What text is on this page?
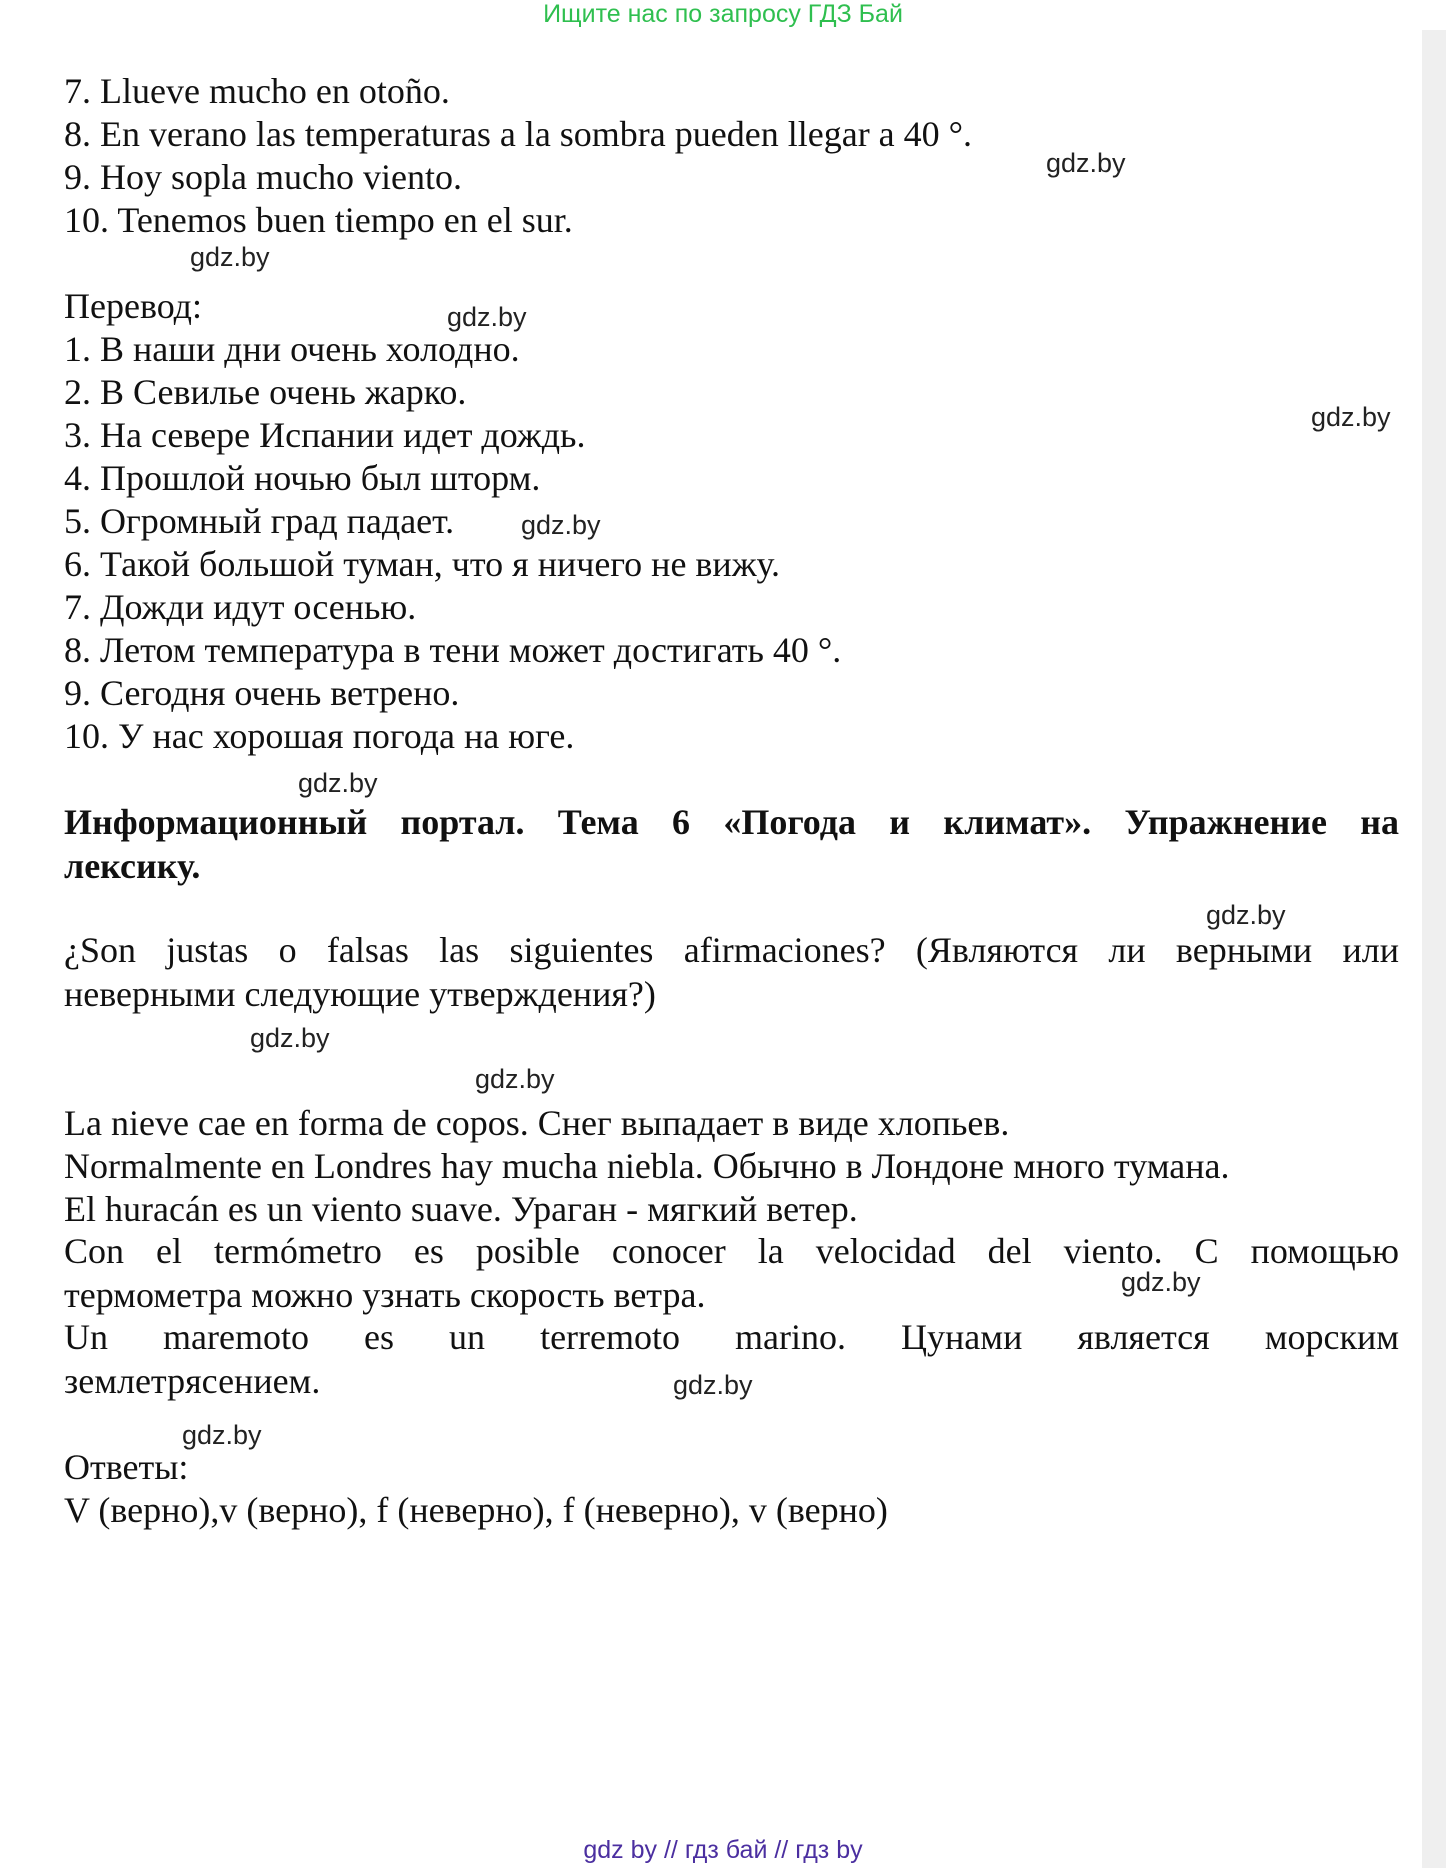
Ищите нас по запросу ГДЗ Бай
7. Llueve mucho en otoño.
8. En verano las temperaturas a la sombra pueden llegar a 40 °.
9. Hoy sopla mucho viento.
10. Tenemos buen tiempo en el sur.
Перевод:
1. В наши дни очень холодно.
2. В Севилье очень жарко.
3. На севере Испании идет дождь.
4. Прошлой ночью был шторм.
5. Огромный град падает.
6. Такой большой туман, что я ничего не вижу.
7. Дожди идут осенью.
8. Летом температура в тени может достигать 40 °.
9. Сегодня очень ветрено.
10. У нас хорошая погода на юге.
Информационный портал. Тема 6 «Погода и климат». Упражнение на
лексику.
¿Son justas o falsas las siguientes afirmaciones? (Являются ли верными или
неверными следующие утверждения?)
La nieve cae en forma de copos. Снег выпадает в виде хлопьев.
Normalmente en Londres hay mucha niebla. Обычно в Лондоне много тумана.
El huracán es un viento suave. Ураган - мягкий ветер.
Con el termómetro es posible conocer la velocidad del viento. С помощью
термометра можно узнать скорость ветра.
Un maremoto es un terremoto marino. Цунами является морским
землетрясением.
Ответы:
V (верно),v (верно), f (неверно), f (неверно), v (верно)
gdz.by
gdz.by
gdz.by
gdz.by
gdz.by
gdz.by
gdz.by
gdz.by
gdz.by
gdz.by
gdz.by
gdz.by
gdz by // гдз бай // гдз by
